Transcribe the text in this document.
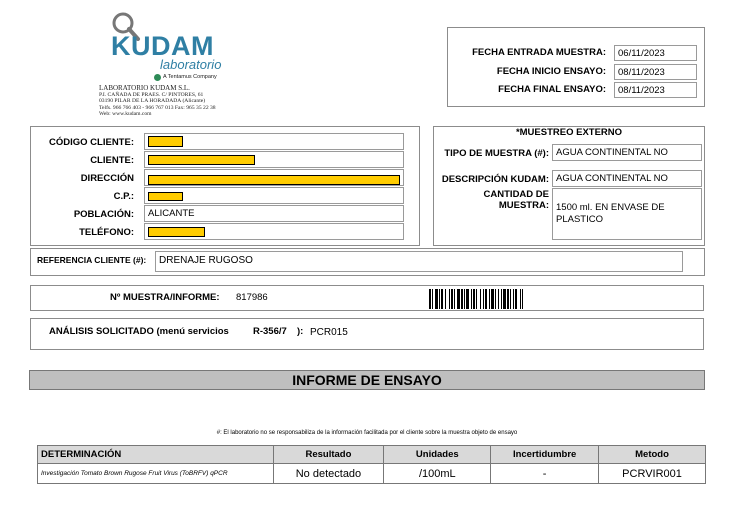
KUDAM
laboratorio
A Tentamus Company
LABORATORIO KUDAM S.L.
P.I. CAÑADA DE PRAES. C/ PINTORES, 61
03190 PILAR DE LA HORADADA (Alicante)
Telfs. 966 766 403 - 966 767 013 Fax: 965 35 22 38
Web: www.kudam.com
FECHA ENTRADA MUESTRA:	06/11/2023
FECHA INICIO ENSAYO:	08/11/2023
FECHA FINAL ENSAYO:	08/11/2023
CÓDIGO CLIENTE:
CLIENTE:
DIRECCIÓN
C.P.:
POBLACIÓN:	ALICANTE
TELÉFONO:
*MUESTREO EXTERNO
TIPO DE MUESTRA (#): AGUA CONTINENTAL NO
DESCRIPCIÓN KUDAM: AGUA CONTINENTAL NO
CANTIDAD DE
MUESTRA: 1500 ml. EN ENVASE DE PLASTICO
REFERENCIA CLIENTE (#):	DRENAJE RUGOSO
Nº MUESTRA/INFORME: 817986
ANÁLISIS SOLICITADO (menú servicios	R-356/7 ): PCR015
INFORME DE ENSAYO
#: El laboratorio no se responsabiliza de la información facilitada por el cliente sobre la muestra objeto de ensayo
DETERMINACIÓN	Resultado	Unidades	Incertidumbre	Metodo
Investigación Tomato Brown Rugose Fruit Virus (ToBRFV) qPCR	No detectado	/100mL	-	PCRVIR001
